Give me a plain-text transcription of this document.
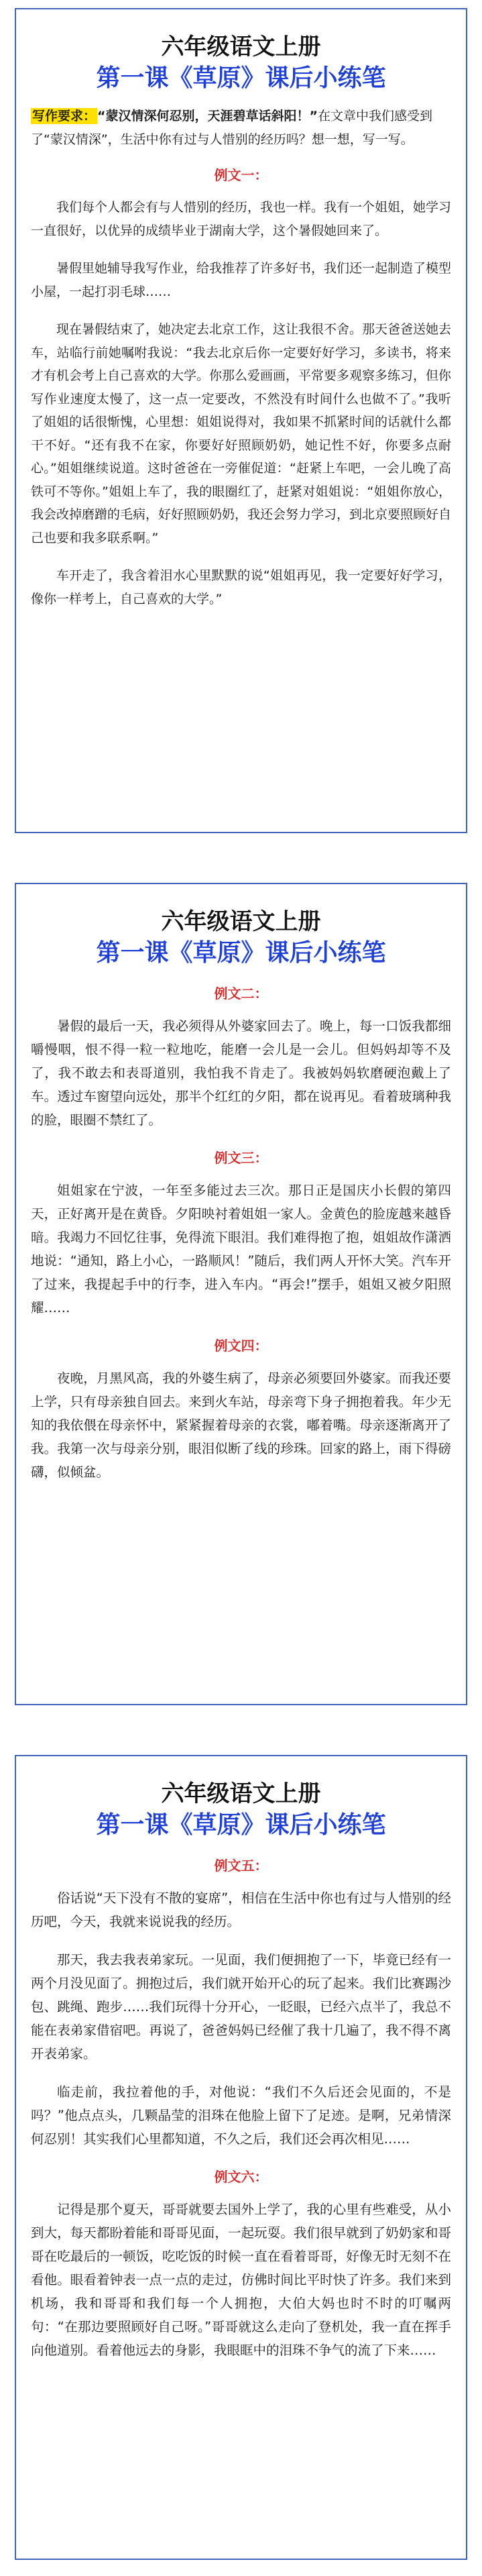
六年级语文上册
第一课《草原》课后小练笔

写作要求： “蒙汉情深何忍别，天涯碧草话斜阳！”在文章中我们感受到了“蒙汉情深”，生活中你有过与人惜别的经历吗？想一想，写一写。

例文一：

我们每个人都会有与人惜别的经历，我也一样。我有一个姐姐，她学习一直很好，以优异的成绩毕业于湖南大学，这个暑假她回来了。

暑假里她辅导我写作业，给我推荐了许多好书，我们还一起制造了模型小屋，一起打羽毛球……

现在暑假结束了，她决定去北京工作，这让我很不舍。那天爸爸送她去车，站临行前她嘱咐我说：“我去北京后你一定要好好学习，多读书，将来才有机会考上自己喜欢的大学。你那么爱画画，平常要多观察多练习，但你写作业速度太慢了，这一点一定要改，不然没有时间什么也做不了。”我听了姐姐的话很惭愧，心里想：姐姐说得对，我如果不抓紧时间的话就什么都干不好。“还有我不在家，你要好好照顾奶奶，她记性不好，你要多点耐心。”姐姐继续说道。这时爸爸在一旁催促道：“赶紧上车吧，一会儿晚了高铁可不等你。”姐姐上车了，我的眼圈红了，赶紧对姐姐说：“姐姐你放心，我会改掉磨蹭的毛病，好好照顾奶奶，我还会努力学习，到北京要照顾好自己也要和我多联系啊。”

车开走了，我含着泪水心里默默的说“姐姐再见，我一定要好好学习，像你一样考上，自己喜欢的大学。”

六年级语文上册
第一课《草原》课后小练笔
例文二：

暑假的最后一天，我必须得从外婆家回去了。晚上，每一口饭我都细嚼慢咽，恨不得一粒一粒地吃，能磨一会儿是一会儿。但妈妈却等不及了，我不敢去和表哥道别，我怕我不肯走了。我被妈妈软磨硬泡戴上了车。透过车窗望向远处，那半个红红的夕阳，都在说再见。看着玻璃种我的脸，眼圈不禁红了。

例文三：

姐姐家在宁波，一年至多能过去三次。那日正是国庆小长假的第四天，正好离开是在黄昏。夕阳映衬着姐姐一家人。金黄色的脸庞越来越昏暗。我竭力不回忆往事，免得流下眼泪。我们难得抱了抱，姐姐故作潇洒地说：“通知，路上小心，一路顺风！”随后，我们两人开怀大笑。汽车开了过来，我提起手中的行李，进入车内。“再会!”摆手，姐姐又被夕阳照耀……

例文四：

夜晚，月黑风高，我的外婆生病了，母亲必须要回外婆家。而我还要上学，只有母亲独自回去。来到火车站，母亲弯下身子拥抱着我。年少无知的我依偎在母亲怀中，紧紧握着母亲的衣裳，嘟着嘴。母亲逐渐离开了我。我第一次与母亲分别，眼泪似断了线的珍珠。回家的路上，雨下得磅礴，似倾盆。

六年级语文上册
第一课《草原》课后小练笔
例文五：

俗话说“天下没有不散的宴席”，相信在生活中你也有过与人惜别的经历吧，今天，我就来说说我的经历。

那天，我去我表弟家玩。一见面，我们便拥抱了一下，毕竟已经有一两个月没见面了。拥抱过后，我们就开始开心的玩了起来。我们比赛踢沙包、跳绳、跑步……我们玩得十分开心，一眨眼，已经六点半了，我总不能在表弟家借宿吧。再说了，爸爸妈妈已经催了我十几遍了，我不得不离开表弟家。

临走前，我拉着他的手，对他说：“我们不久后还会见面的，不是吗？”他点点头，几颗晶莹的泪珠在他脸上留下了足迹。是啊，兄弟情深何忍别！其实我们心里都知道，不久之后，我们还会再次相见……

例文六：

记得是那个夏天，哥哥就要去国外上学了，我的心里有些难受，从小到大，每天都盼着能和哥哥见面，一起玩耍。我们很早就到了奶奶家和哥哥在吃最后的一顿饭，吃吃饭的时候一直在看着哥哥，好像无时无刻不在看他。眼看着钟表一点一点的走过，仿佛时间比平时快了许多。我们来到机场，我和哥哥和我们每一个人拥抱，大伯大妈也时不时的叮嘱两句：“在那边要照顾好自己呀。”哥哥就这么走向了登机处，我一直在挥手向他道别。看着他远去的身影，我眼眶中的泪珠不争气的流了下来……
